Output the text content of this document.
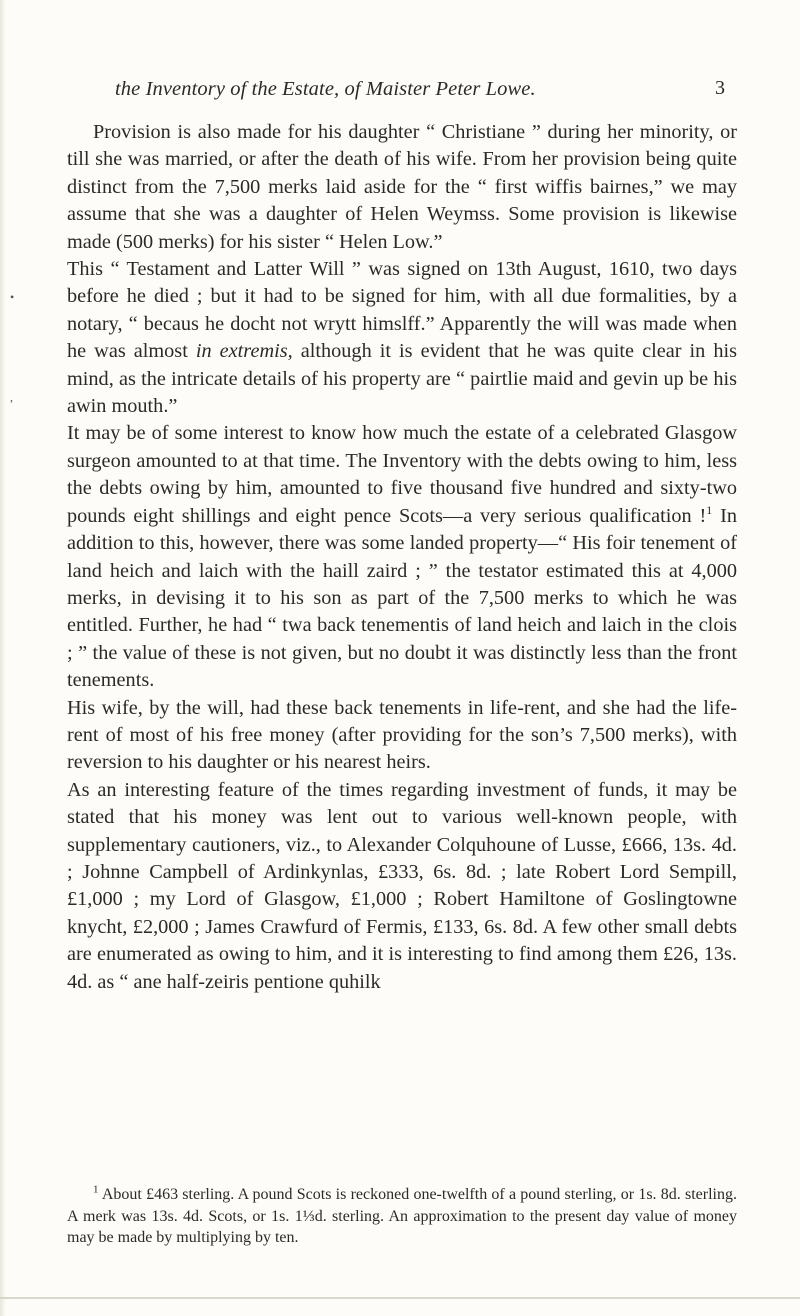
the Inventory of the Estate, of Maister Peter Lowe.	3
•
,

Provision is also made for his daughter “ Christiane ” during her minority, or till she was married, or after the death of his wife. From her provision being quite distinct from the 7,500 merks laid aside for the “ first wiffis bairnes,” we may assume that she was a daughter of Helen Weymss. Some provision is likewise made (500 merks) for his sister “ Helen Low.”

This “ Testament and Latter Will ” was signed on 13th August, 1610, two days before he died ; but it had to be signed for him, with all due formalities, by a notary, “ becaus he docht not wrytt himslff.” Apparently the will was made when he was almost in extremis, although it is evident that he was quite clear in his mind, as the intricate details of his property are “ pairtlie maid and gevin up be his awin mouth.”

It may be of some interest to know how much the estate of a celebrated Glasgow surgeon amounted to at that time. The Inventory with the debts owing to him, less the debts owing by him, amounted to five thousand five hundred and sixty-two pounds eight shillings and eight pence Scots—a very serious qualification !$^1$ In addition to this, however, there was some landed property—“ His foir tenement of land heich and laich with the haill zaird ; ” the testator estimated this at 4,000 merks, in devising it to his son as part of the 7,500 merks to which he was entitled. Further, he had “ twa back tenementis of land heich and laich in the clois ; ” the value of these is not given, but no doubt it was distinctly less than the front tenements.

His wife, by the will, had these back tenements in life-rent, and she had the life-rent of most of his free money (after providing for the son’s 7,500 merks), with reversion to his daughter or his nearest heirs.

As an interesting feature of the times regarding investment of funds, it may be stated that his money was lent out to various well-known people, with supplementary cautioners, viz., to Alexander Colquhoune of Lusse, £666, 13s. 4d. ; Johnne Campbell of Ardinkynlas, £333, 6s. 8d. ; late Robert Lord Sempill, £1,000 ; my Lord of Glasgow, £1,000 ; Robert Hamiltone of Goslingtowne knycht, £2,000 ; James Crawfurd of Fermis, £133, 6s. 8d. A few other small debts are enumerated as owing to him, and it is interesting to find among them £26, 13s. 4d. as “ ane half-zeiris pentione quhilk

$^1$ About £463 sterling. A pound Scots is reckoned one-twelfth of a pound sterling, or 1s. 8d. sterling. A merk was 13s. 4d. Scots, or 1s. 1⅓d. sterling. An approximation to the present day value of money may be made by multiplying by ten.
